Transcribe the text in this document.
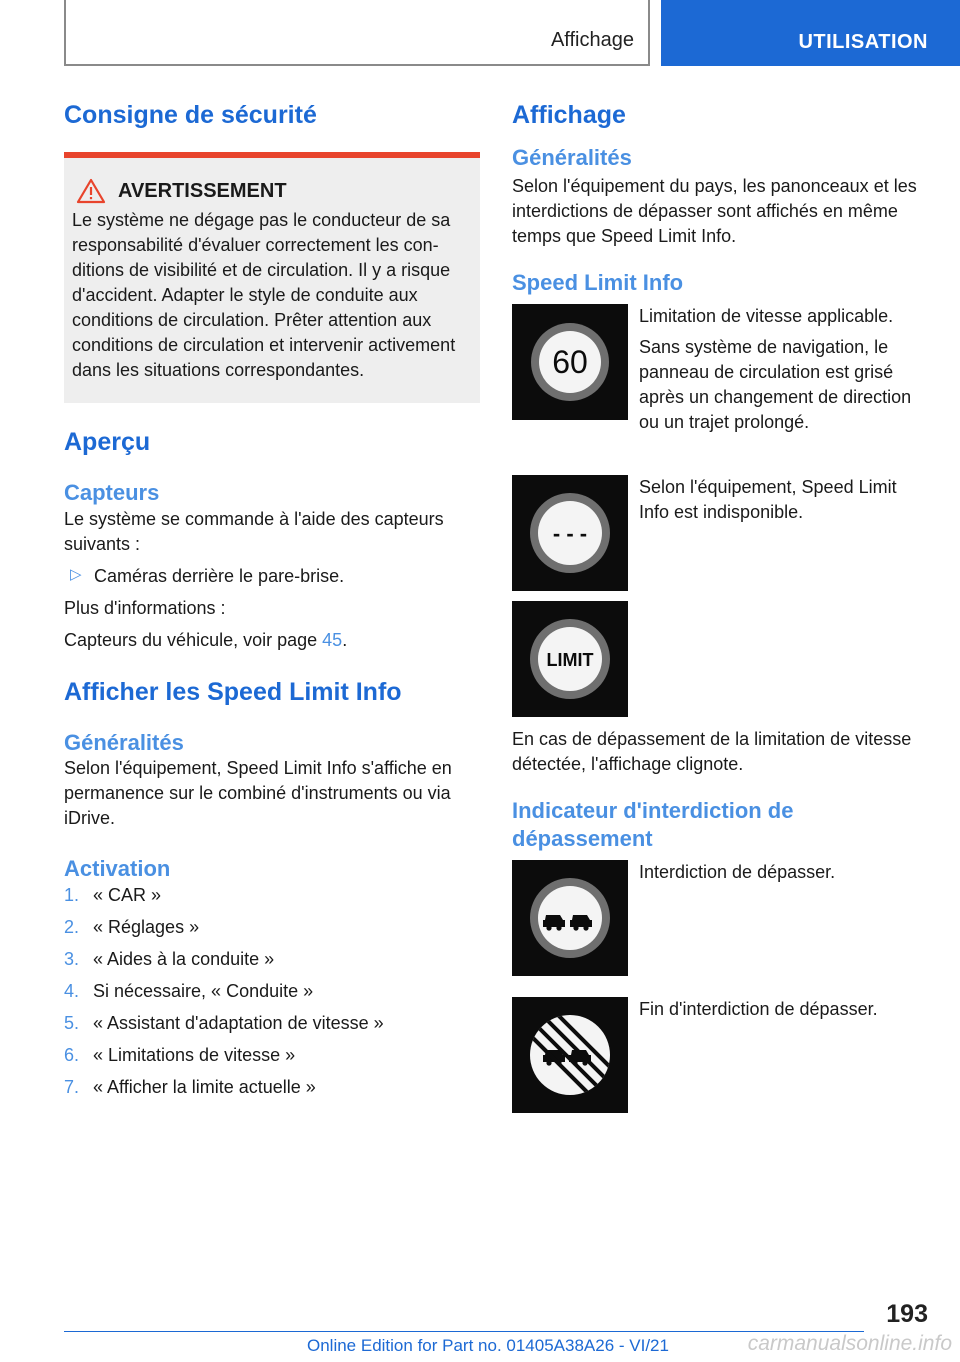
Affichage	UTILISATION
Consigne de sécurité
AVERTISSEMENT

Le système ne dégage pas le conducteur de sa responsabilité d'évaluer correctement les conditions de visibilité et de circulation. Il y a risque d'accident. Adapter le style de conduite aux conditions de circulation. Prêter attention aux conditions de circulation et intervenir activement dans les situations correspondantes.

Aperçu
Capteurs

Le système se commande à l'aide des capteurs suivants :

▷ Caméras derrière le pare-brise.

Plus d'informations :

Capteurs du véhicule, voir page 45.

Afficher les Speed Limit Info
Généralités

Selon l'équipement, Speed Limit Info s'affiche en permanence sur le combiné d'instruments ou via iDrive.

Activation
1. « CAR »
2. « Réglages »
3. « Aides à la conduite »
4. Si nécessaire, « Conduite »
5. « Assistant d'adaptation de vitesse »
6. « Limitations de vitesse »
7. « Afficher la limite actuelle »
Affichage
Généralités

Selon l'équipement du pays, les panonceaux et les interdictions de dépasser sont affichés en même temps que Speed Limit Info.

Speed Limit Info
60

Limitation de vitesse applicable.

Sans système de navigation, le panneau de circulation est grisé après un changement de direction ou un trajet prolongé.

- - -

Selon l'équipement, Speed Limit Info est indisponible.

LIMIT

En cas de dépassement de la limitation de vitesse détectée, l'affichage clignote.

Indicateur d'interdiction de dépassement

Interdiction de dépasser.

Fin d'interdiction de dépasser.

193
Online Edition for Part no. 01405A38A26 - VI/21	carmanualsonline.info
